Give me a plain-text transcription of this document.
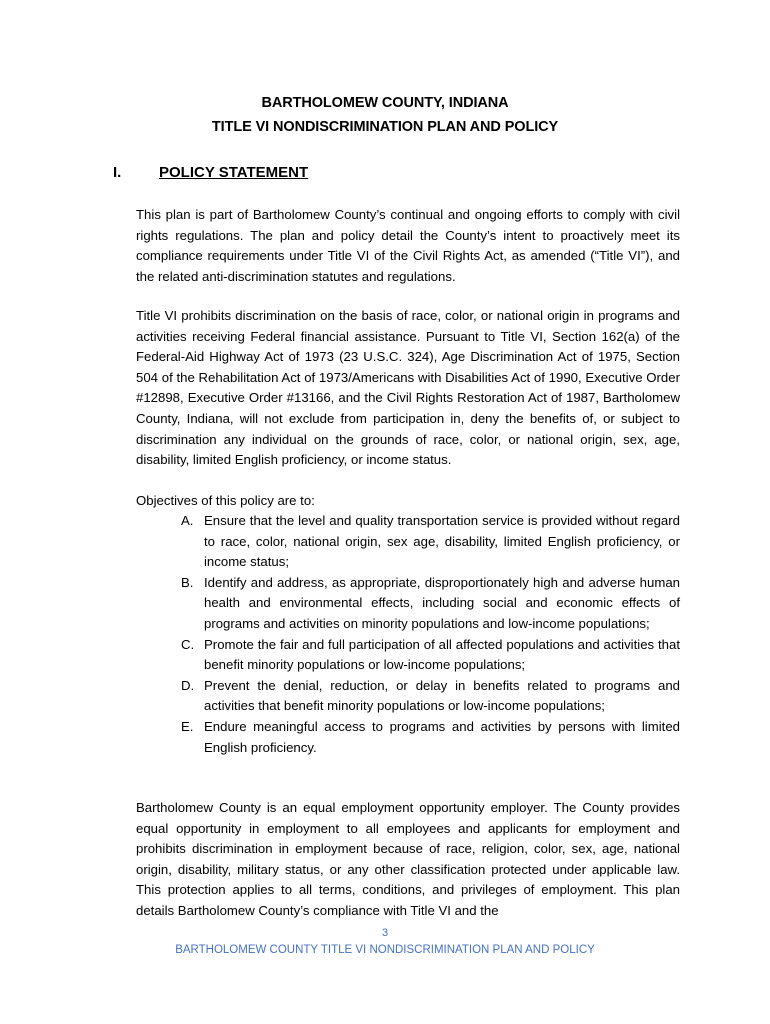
BARTHOLOMEW COUNTY, INDIANA
TITLE VI NONDISCRIMINATION PLAN AND POLICY
I.	POLICY STATEMENT

This plan is part of Bartholomew County’s continual and ongoing efforts to comply with civil rights regulations. The plan and policy detail the County’s intent to proactively meet its compliance requirements under Title VI of the Civil Rights Act, as amended (“Title VI”), and the related anti-discrimination statutes and regulations.

Title VI prohibits discrimination on the basis of race, color, or national origin in programs and activities receiving Federal financial assistance. Pursuant to Title VI, Section 162(a) of the Federal-Aid Highway Act of 1973 (23 U.S.C. 324), Age Discrimination Act of 1975, Section 504 of the Rehabilitation Act of 1973/Americans with Disabilities Act of 1990, Executive Order #12898, Executive Order #13166, and the Civil Rights Restoration Act of 1987, Bartholomew County, Indiana, will not exclude from participation in, deny the benefits of, or subject to discrimination any individual on the grounds of race, color, or national origin, sex, age, disability, limited English proficiency, or income status.

Objectives of this policy are to:

A. Ensure that the level and quality transportation service is provided without regard to race, color, national origin, sex age, disability, limited English proficiency, or income status;
B. Identify and address, as appropriate, disproportionately high and adverse human health and environmental effects, including social and economic effects of programs and activities on minority populations and low-income populations;
C. Promote the fair and full participation of all affected populations and activities that benefit minority populations or low-income populations;
D. Prevent the denial, reduction, or delay in benefits related to programs and activities that benefit minority populations or low-income populations;
E. Endure meaningful access to programs and activities by persons with limited English proficiency.

Bartholomew County is an equal employment opportunity employer. The County provides equal opportunity in employment to all employees and applicants for employment and prohibits discrimination in employment because of race, religion, color, sex, age, national origin, disability, military status, or any other classification protected under applicable law. This protection applies to all terms, conditions, and privileges of employment. This plan details Bartholomew County’s compliance with Title VI and the

3
BARTHOLOMEW COUNTY TITLE VI NONDISCRIMINATION PLAN AND POLICY
